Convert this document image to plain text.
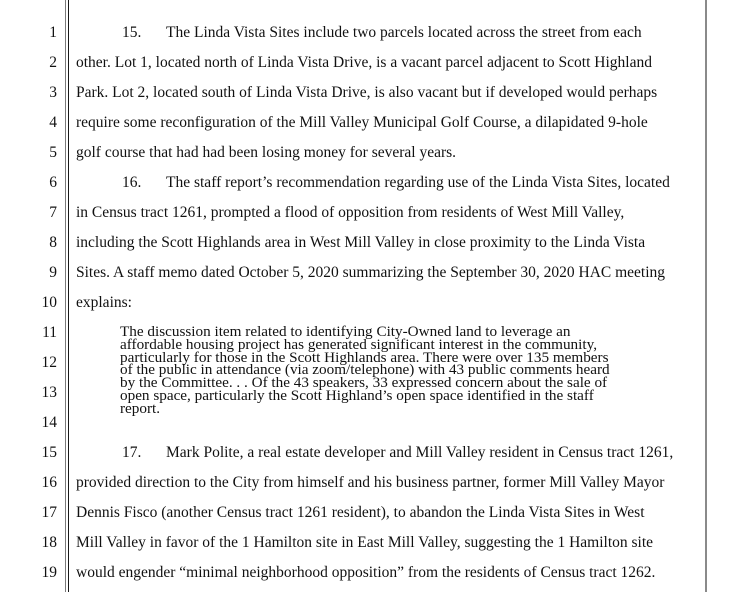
1
2
3
4
5
6
7
8
9
10
11
12
13
14
15
16
17
18
19
15. The Linda Vista Sites include two parcels located across the street from each
other. Lot 1, located north of Linda Vista Drive, is a vacant parcel adjacent to Scott Highland
Park. Lot 2, located south of Linda Vista Drive, is also vacant but if developed would perhaps
require some reconfiguration of the Mill Valley Municipal Golf Course, a dilapidated 9-hole
golf course that had had been losing money for several years.
16. The staff report’s recommendation regarding use of the Linda Vista Sites, located
in Census tract 1261, prompted a flood of opposition from residents of West Mill Valley,
including the Scott Highlands area in West Mill Valley in close proximity to the Linda Vista
Sites. A staff memo dated October 5, 2020 summarizing the September 30, 2020 HAC meeting
explains:
The discussion item related to identifying City-Owned land to leverage an
affordable housing project has generated significant interest in the community,
particularly for those in the Scott Highlands area. There were over 135 members
of the public in attendance (via zoom/telephone) with 43 public comments heard
by the Committee. . . Of the 43 speakers, 33 expressed concern about the sale of
open space, particularly the Scott Highland’s open space identified in the staff
report.
17. Mark Polite, a real estate developer and Mill Valley resident in Census tract 1261,
provided direction to the City from himself and his business partner, former Mill Valley Mayor
Dennis Fisco (another Census tract 1261 resident), to abandon the Linda Vista Sites in West
Mill Valley in favor of the 1 Hamilton site in East Mill Valley, suggesting the 1 Hamilton site
would engender “minimal neighborhood opposition” from the residents of Census tract 1262.
